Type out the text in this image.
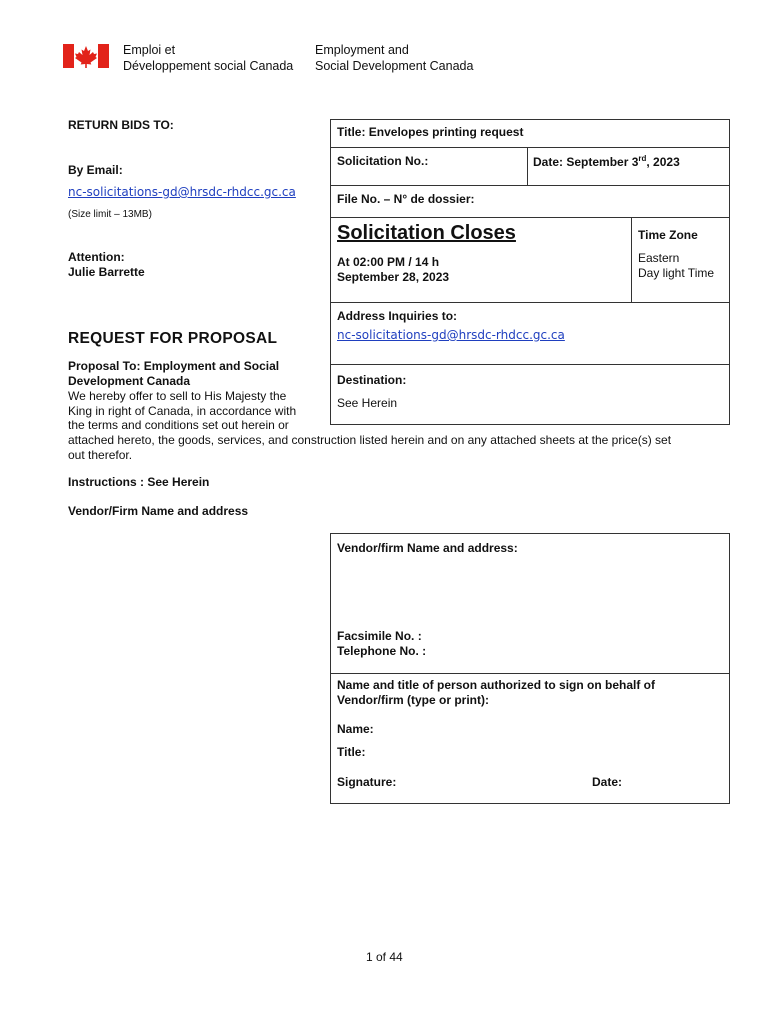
Emploi et
Développement social Canada
Employment and
Social Development Canada
RETURN BIDS TO:
By Email:
nc-solicitations-gd@hrsdc-rhdcc.gc.ca
(Size limit – 13MB)
Attention:
Julie Barrette
REQUEST FOR PROPOSAL
Proposal To: Employment and Social
Development Canada
We hereby offer to sell to His Majesty the
King in right of Canada, in accordance with
the terms and conditions set out herein or
attached hereto, the goods, services, and construction listed herein and on any attached sheets at the price(s) set
out therefor.
Instructions : See Herein
Vendor/Firm Name and address
Title: Envelopes printing request
Solicitation No.:	Date: September 3rd, 2023
File No. – N° de dossier:
Solicitation Closes
At 02:00 PM / 14 h
September 28, 2023
Time Zone
Eastern
Day light Time
Address Inquiries to:
nc-solicitations-gd@hrsdc-rhdcc.gc.ca
Destination:
See Herein
Vendor/firm Name and address:
Facsimile No. :
Telephone No. :
Name and title of person authorized to sign on behalf of
Vendor/firm (type or print):
Name:
Title:
Signature:	Date:
1 of 44
